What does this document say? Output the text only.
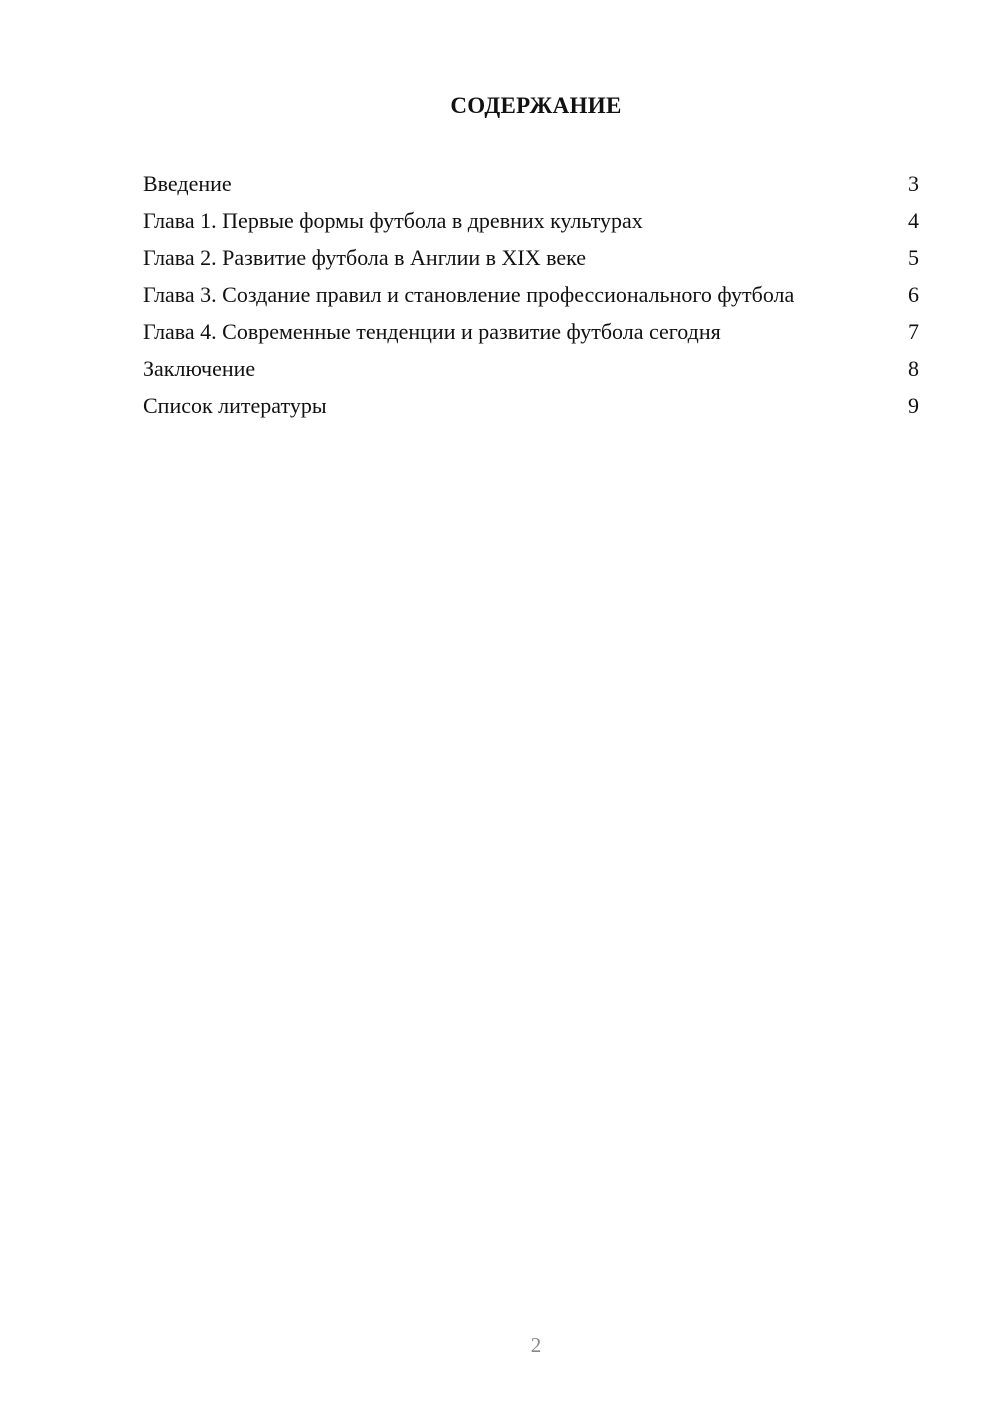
СОДЕРЖАНИЕ
Введение	3
Глава 1. Первые формы футбола в древних культурах	4
Глава 2. Развитие футбола в Англии в XIX веке	5
Глава 3. Создание правил и становление профессионального футбола	6
Глава 4. Современные тенденции и развитие футбола сегодня	7
Заключение	8
Список литературы	9
2
